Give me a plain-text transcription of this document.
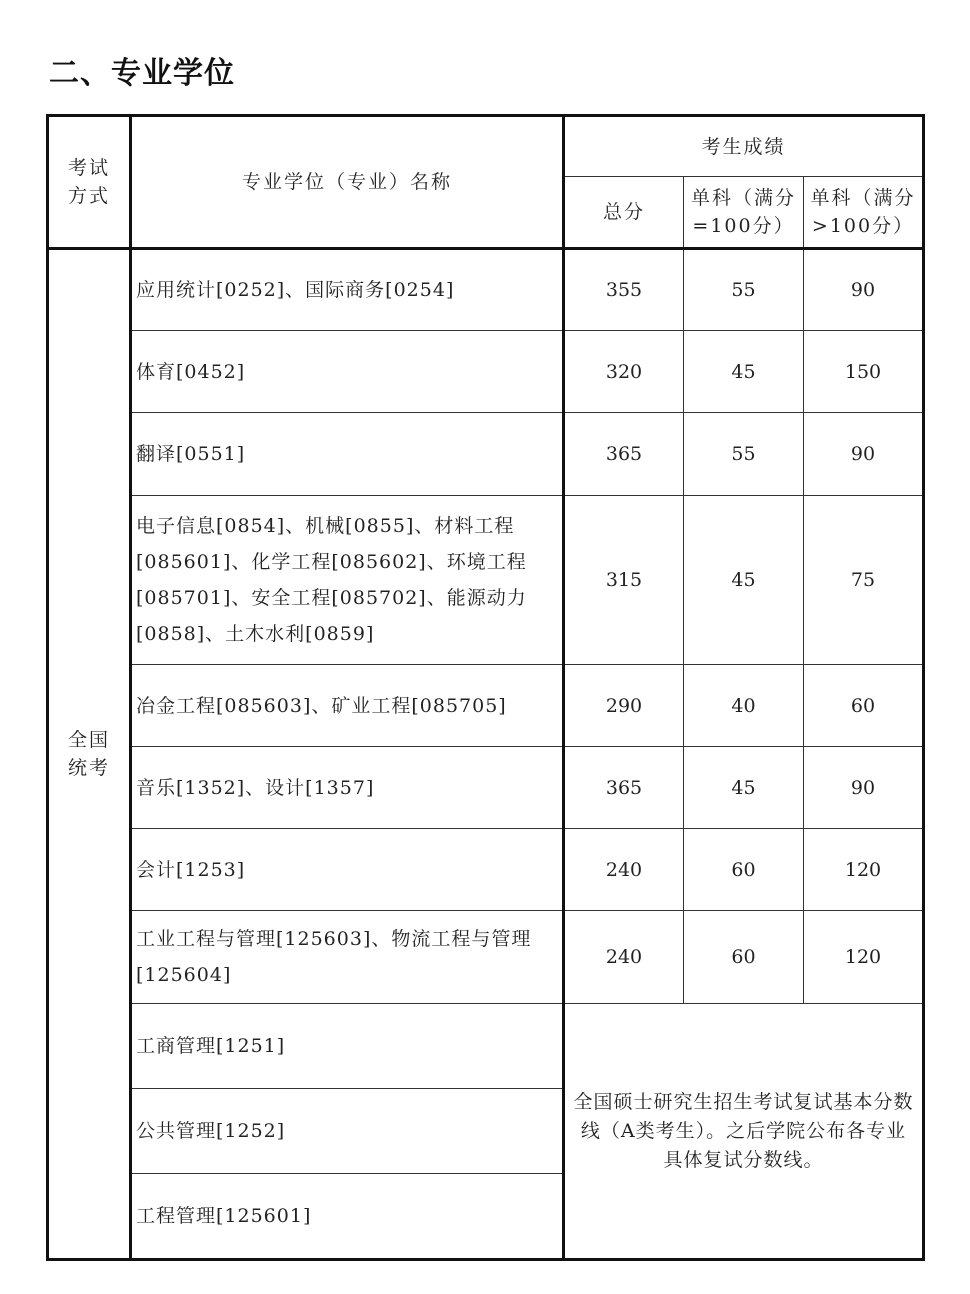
二、专业学位
考试方式	专业学位（专业）名称	考生成绩		
		总分	单科（满分=100分）	单科（满分>100分）
全国统考	应用统计[0252]、国际商务[0254]	355	55	90
	体育[0452]	320	45	150
	翻译[0551]	365	55	90
	电子信息[0854]、机械[0855]、材料工程[085601]、化学工程[085602]、环境工程[085701]、安全工程[085702]、能源动力[0858]、土木水利[0859]	315	45	75
	冶金工程[085603]、矿业工程[085705]	290	40	60
	音乐[1352]、设计[1357]	365	45	90
	会计[1253]	240	60	120
	工业工程与管理[125603]、物流工程与管理[125604]	240	60	120
	工商管理[1251]	全国硕士研究生招生考试复试基本分数线（A类考生）。之后学院公布各专业具体复试分数线。		
	公共管理[1252]			
	工程管理[125601]			
